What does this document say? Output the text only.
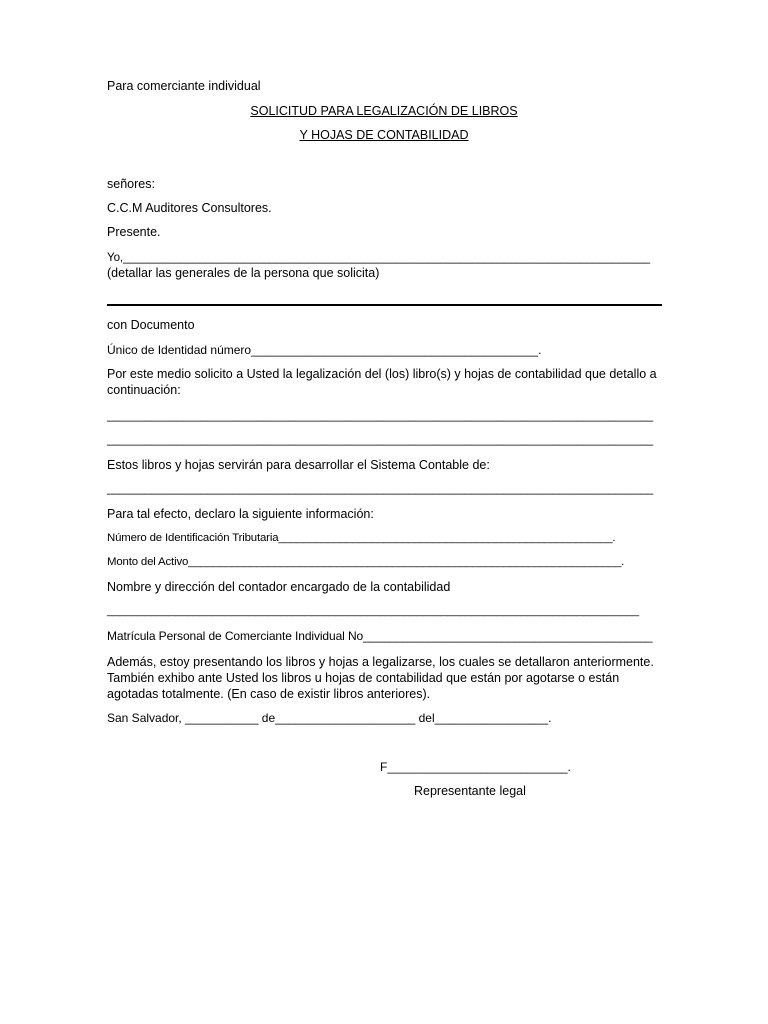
Para comerciante individual
SOLICITUD PARA LEGALIZACIÓN DE LIBROS
Y HOJAS DE CONTABILIDAD
señores:
C.C.M Auditores Consultores.
Presente.
Yo,___________________________________________________________________________________
(detallar las generales de la persona que solicita)
con Documento
Único de Identidad número___________________________________________.
Por este medio solicito a Usted la legalización del (los) libro(s) y hojas de contabilidad que detallo a continuación:
_______________________________________________________________________________________
_______________________________________________________________________________________
Estos libros y hojas servirán para desarrollar el Sistema Contable de:
_______________________________________________________________________________________
Para tal efecto, declaro la siguiente información:
Número de Identificación Tributaria______________________________________________________.
Monto del Activo______________________________________________________________________.
Nombre y dirección del contador encargado de la contabilidad
______________________________________________________________________________________
Matrícula Personal de Comerciante Individual No____________________________________________
Además, estoy presentando los libros y hojas a legalizarse, los cuales se detallaron anteriormente. También exhibo ante Usted los libros u hojas de contabilidad que están por agotarse o están agotadas totalmente. (En caso de existir libros anteriores).
San Salvador, ___________ de_____________________ del_________________.
F___________________________.
Representante legal
